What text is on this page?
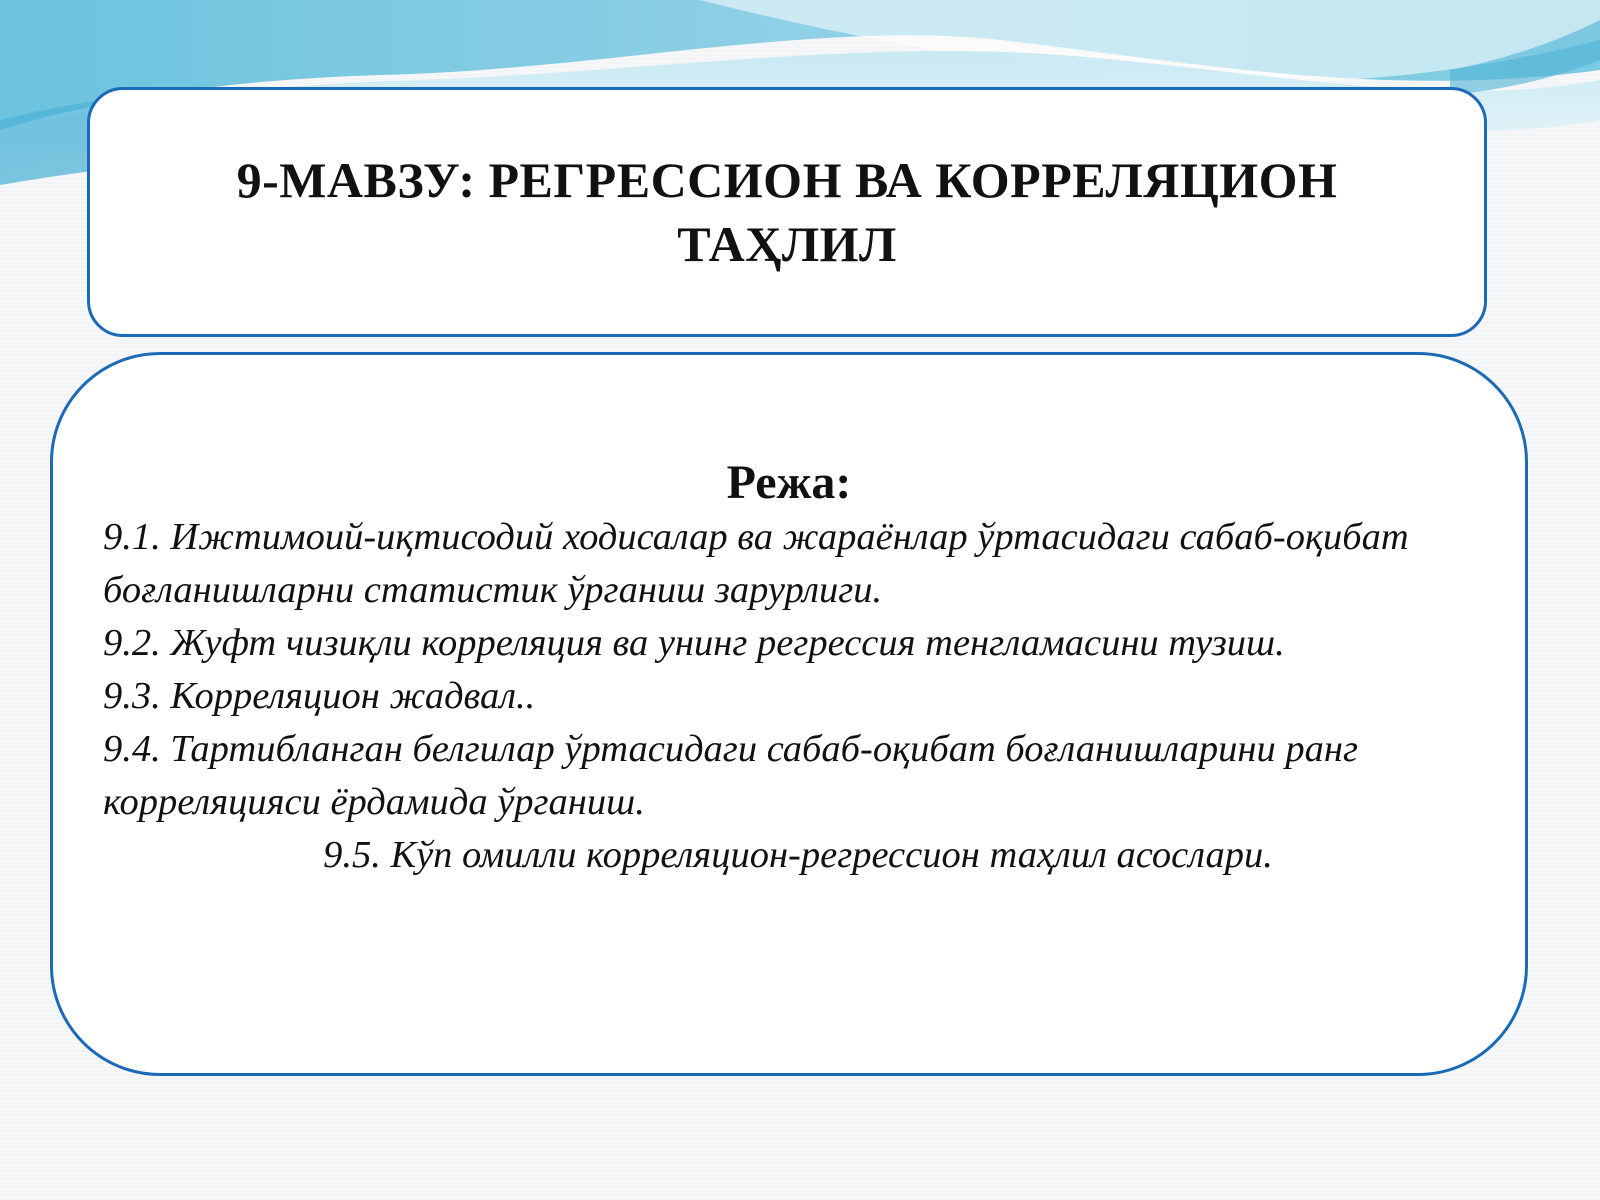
9-МАВЗУ: РЕГРЕССИОН ВА КОРРЕЛЯЦИОН
ТАҲЛИЛ
Режа:

9.1. Ижтимоий-иқтисодий ходисалар ва жараёнлар ўртасидаги сабаб-оқибат боғланишларни статистик ўрганиш зарурлиги.

9.2. Жуфт чизиқли корреляция ва унинг регрессия тенгламасини тузиш.

9.3. Корреляцион жадвал..

9.4. Тартибланган белгилар ўртасидаги сабаб-оқибат боғланишларини ранг корреляцияси ёрдамида ўрганиш.

9.5. Кўп омилли корреляцион-регрессион таҳлил асослари.
